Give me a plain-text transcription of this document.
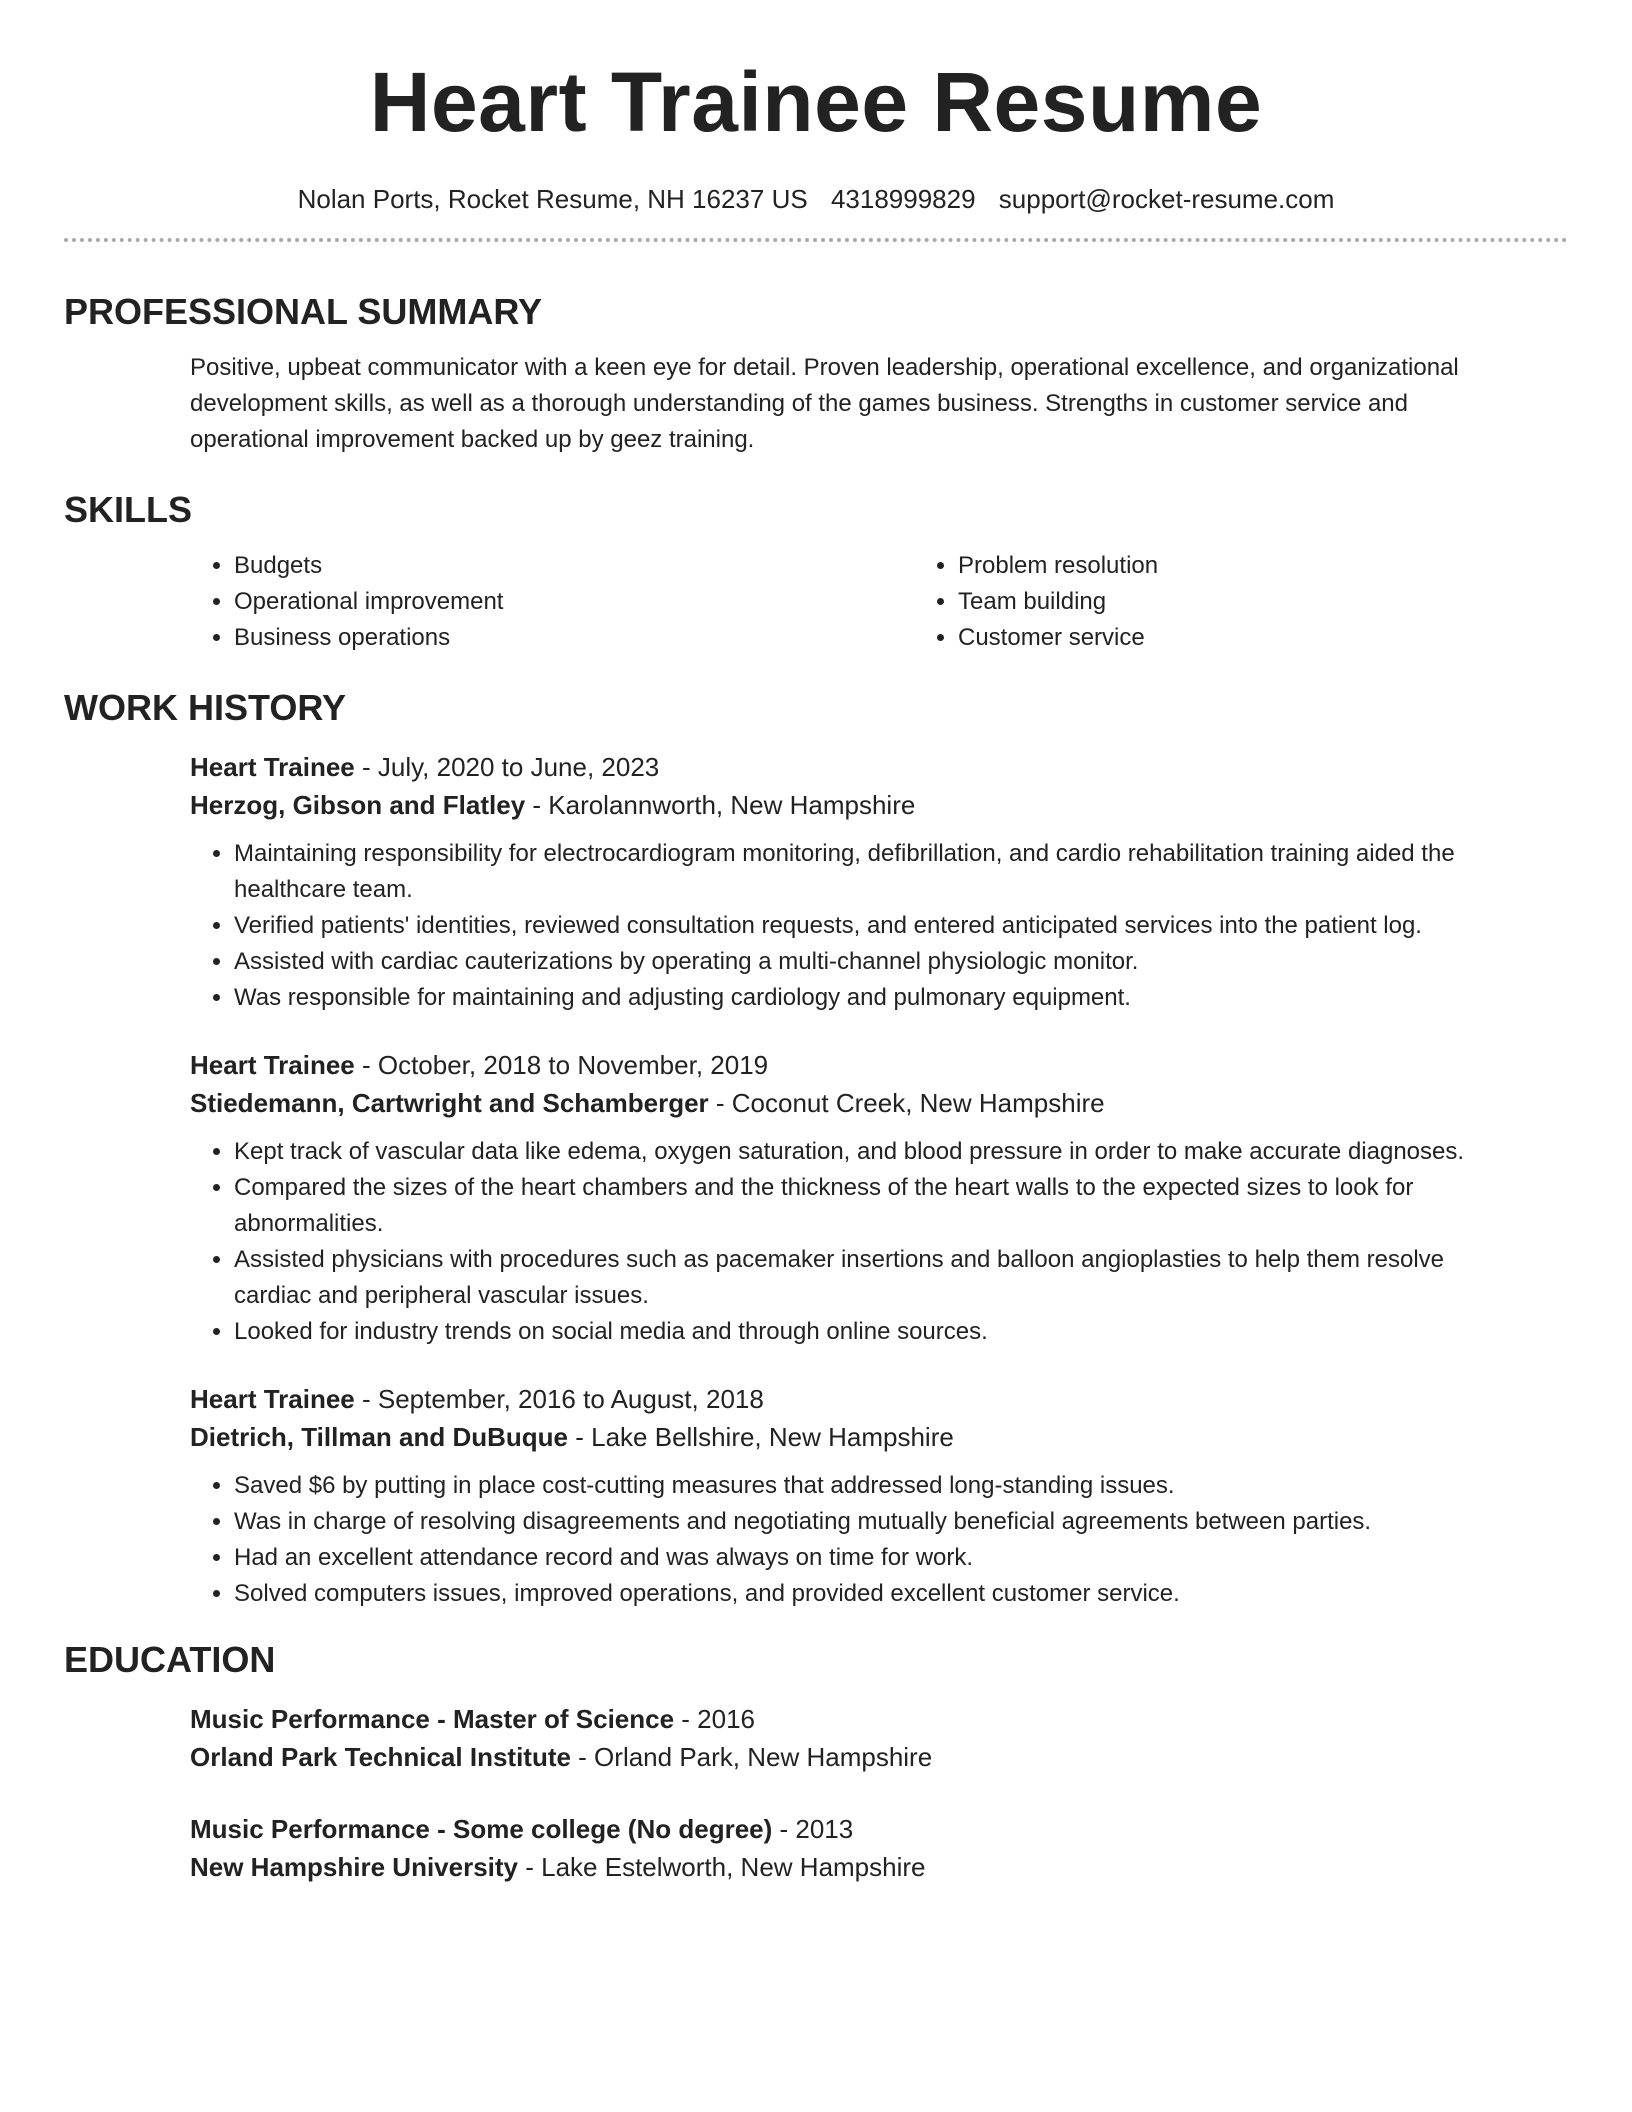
Heart Trainee Resume
Nolan Ports, Rocket Resume, NH 16237 US 4318999829 support@rocket-resume.com
PROFESSIONAL SUMMARY

Positive, upbeat communicator with a keen eye for detail. Proven leadership, operational excellence, and organizational development skills, as well as a thorough understanding of the games business. Strengths in customer service and operational improvement backed up by geez training.

SKILLS
• Budgets
• Operational improvement
• Business operations
• Problem resolution
• Team building
• Customer service
WORK HISTORY

Heart Trainee - July, 2020 to June, 2023

Herzog, Gibson and Flatley - Karolannworth, New Hampshire

• Maintaining responsibility for electrocardiogram monitoring, defibrillation, and cardio rehabilitation training aided the healthcare team.
• Verified patients' identities, reviewed consultation requests, and entered anticipated services into the patient log.
• Assisted with cardiac cauterizations by operating a multi-channel physiologic monitor.
• Was responsible for maintaining and adjusting cardiology and pulmonary equipment.

Heart Trainee - October, 2018 to November, 2019

Stiedemann, Cartwright and Schamberger - Coconut Creek, New Hampshire

• Kept track of vascular data like edema, oxygen saturation, and blood pressure in order to make accurate diagnoses.
• Compared the sizes of the heart chambers and the thickness of the heart walls to the expected sizes to look for abnormalities.
• Assisted physicians with procedures such as pacemaker insertions and balloon angioplasties to help them resolve cardiac and peripheral vascular issues.
• Looked for industry trends on social media and through online sources.

Heart Trainee - September, 2016 to August, 2018

Dietrich, Tillman and DuBuque - Lake Bellshire, New Hampshire

• Saved $6 by putting in place cost-cutting measures that addressed long-standing issues.
• Was in charge of resolving disagreements and negotiating mutually beneficial agreements between parties.
• Had an excellent attendance record and was always on time for work.
• Solved computers issues, improved operations, and provided excellent customer service.
EDUCATION

Music Performance - Master of Science - 2016

Orland Park Technical Institute - Orland Park, New Hampshire

Music Performance - Some college (No degree) - 2013

New Hampshire University - Lake Estelworth, New Hampshire
